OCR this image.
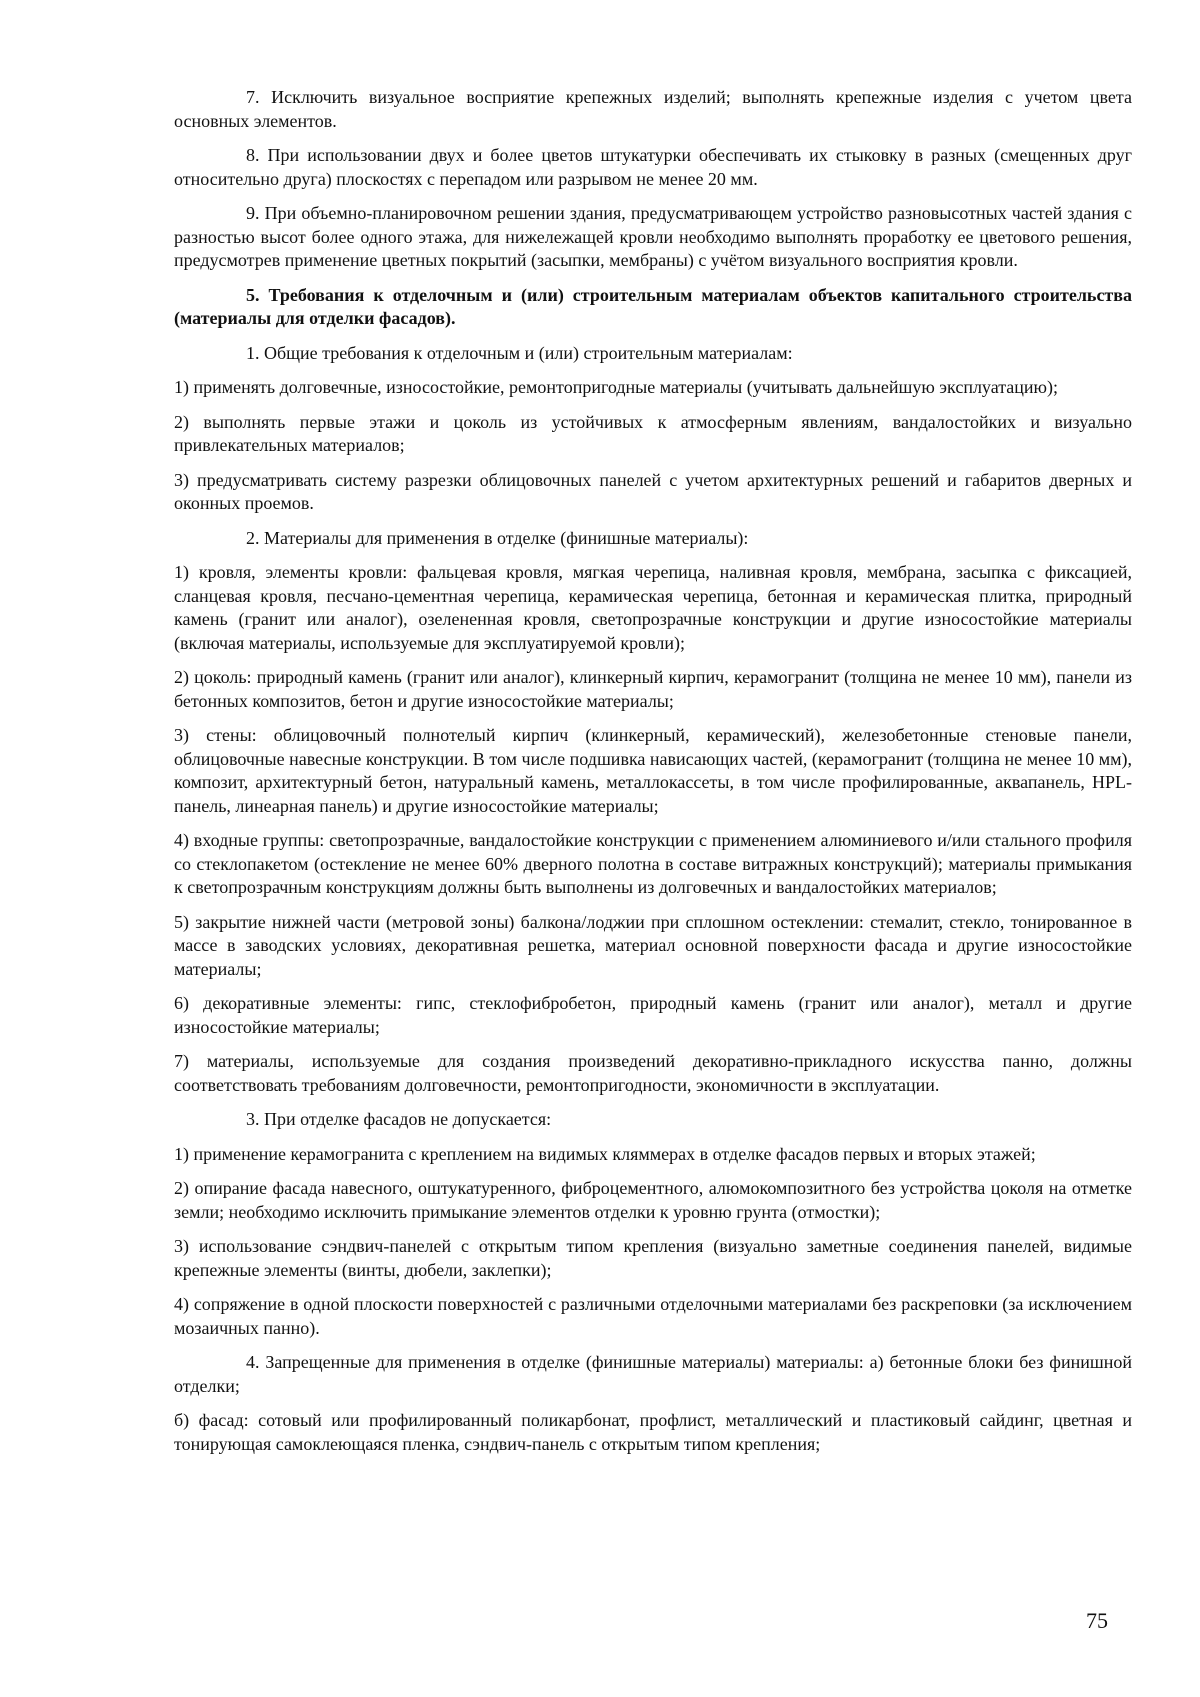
7. Исключить визуальное восприятие крепежных изделий; выполнять крепежные изделия с учетом цвета основных элементов.

8. При использовании двух и более цветов штукатурки обеспечивать их стыковку в разных (смещенных друг относительно друга) плоскостях с перепадом или разрывом не менее 20 мм.

9. При объемно-планировочном решении здания, предусматривающем устройство разновысотных частей здания с разностью высот более одного этажа, для нижележащей кровли необходимо выполнять проработку ее цветового решения, предусмотрев применение цветных покрытий (засыпки, мембраны) с учётом визуального восприятия кровли.

5. Требования к отделочным и (или) строительным материалам объектов капитального строительства (материалы для отделки фасадов).

1. Общие требования к отделочным и (или) строительным материалам:

1) применять долговечные, износостойкие, ремонтопригодные материалы (учитывать дальнейшую эксплуатацию);

2) выполнять первые этажи и цоколь из устойчивых к атмосферным явлениям, вандалостойких и визуально привлекательных материалов;

3) предусматривать систему разрезки облицовочных панелей с учетом архитектурных решений и габаритов дверных и оконных проемов.

2. Материалы для применения в отделке (финишные материалы):

1) кровля, элементы кровли: фальцевая кровля, мягкая черепица, наливная кровля, мембрана, засыпка с фиксацией, сланцевая кровля, песчано-цементная черепица, керамическая черепица, бетонная и керамическая плитка, природный камень (гранит или аналог), озелененная кровля, светопрозрачные конструкции и другие износостойкие материалы (включая материалы, используемые для эксплуатируемой кровли);

2) цоколь: природный камень (гранит или аналог), клинкерный кирпич, керамогранит (толщина не менее 10 мм), панели из бетонных композитов, бетон и другие износостойкие материалы;

3) стены: облицовочный полнотелый кирпич (клинкерный, керамический), железобетонные стеновые панели, облицовочные навесные конструкции. В том числе подшивка нависающих частей, (керамогранит (толщина не менее 10 мм), композит, архитектурный бетон, натуральный камень, металлокассеты, в том числе профилированные, аквапанель, HPL-панель, линеарная панель) и другие износостойкие материалы;

4) входные группы: светопрозрачные, вандалостойкие конструкции с применением алюминиевого и/или стального профиля со стеклопакетом (остекление не менее 60% дверного полотна в составе витражных конструкций); материалы примыкания к светопрозрачным конструкциям должны быть выполнены из долговечных и вандалостойких материалов;

5) закрытие нижней части (метровой зоны) балкона/лоджии при сплошном остеклении: стемалит, стекло, тонированное в массе в заводских условиях, декоративная решетка, материал основной поверхности фасада и другие износостойкие материалы;

6) декоративные элементы: гипс, стеклофибробетон, природный камень (гранит или аналог), металл и другие износостойкие материалы;

7) материалы, используемые для создания произведений декоративно-прикладного искусства панно, должны соответствовать требованиям долговечности, ремонтопригодности, экономичности в эксплуатации.

3. При отделке фасадов не допускается:

1) применение керамогранита с креплением на видимых кляммерах в отделке фасадов первых и вторых этажей;

2) опирание фасада навесного, оштукатуренного, фиброцементного, алюмокомпозитного без устройства цоколя на отметке земли; необходимо исключить примыкание элементов отделки к уровню грунта (отмостки);

3) использование сэндвич-панелей с открытым типом крепления (визуально заметные соединения панелей, видимые крепежные элементы (винты, дюбели, заклепки);

4) сопряжение в одной плоскости поверхностей с различными отделочными материалами без раскреповки (за исключением мозаичных панно).

4. Запрещенные для применения в отделке (финишные материалы) материалы: а) бетонные блоки без финишной отделки;

б) фасад: сотовый или профилированный поликарбонат, профлист, металлический и пластиковый сайдинг, цветная и тонирующая самоклеющаяся пленка, сэндвич-панель с открытым типом крепления;

75
